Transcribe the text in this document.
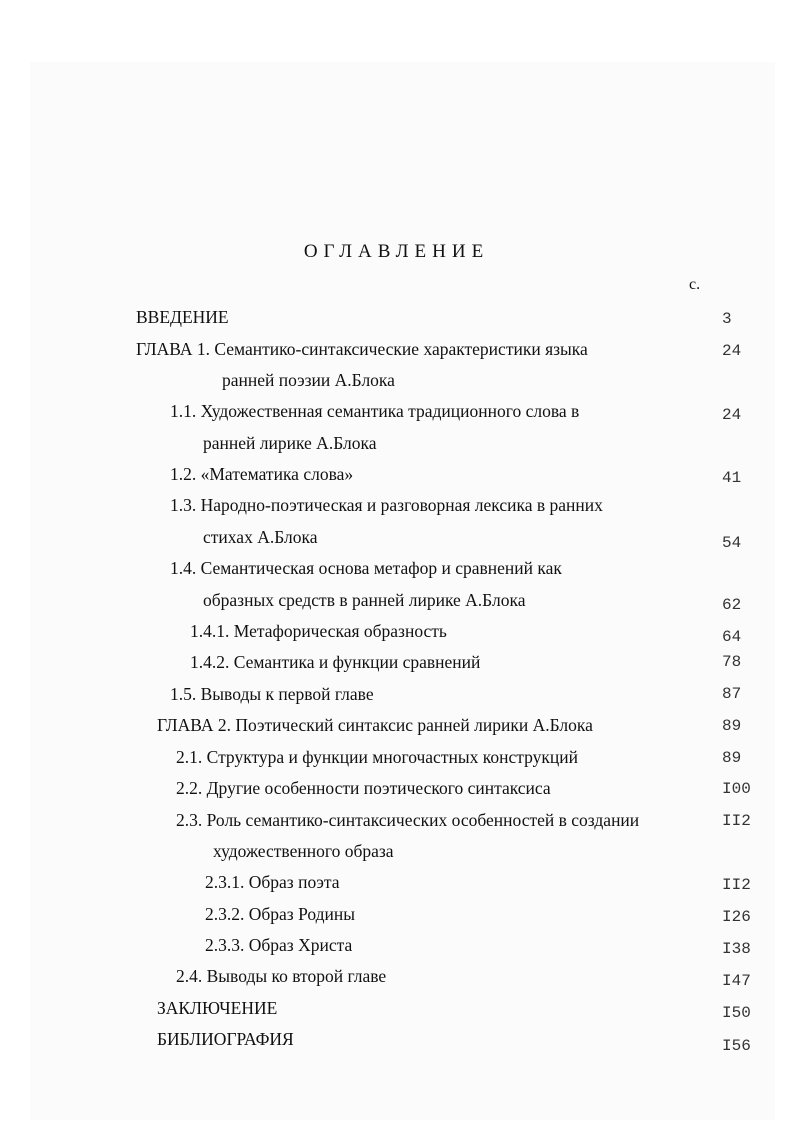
ОГЛАВЛЕНИЕ
с.
ВВЕДЕНИЕ
ГЛАВА 1. Семантико-синтаксические характеристики языка
ранней поэзии А.Блока
1.1. Художественная семантика традиционного слова в
ранней лирике А.Блока
1.2. «Математика слова»
1.3. Народно-поэтическая и разговорная лексика в ранних
стихах А.Блока
1.4. Семантическая основа метафор и сравнений как
образных средств в ранней лирике А.Блока
1.4.1. Метафорическая образность
1.4.2. Семантика и функции сравнений
1.5. Выводы к первой главе
ГЛАВА 2. Поэтический синтаксис ранней лирики А.Блока
2.1. Структура и функции многочастных конструкций
2.2. Другие особенности поэтического синтаксиса
2.3. Роль семантико-синтаксических особенностей в создании
художественного образа
2.3.1. Образ поэта
2.3.2. Образ Родины
2.3.3. Образ Христа
2.4. Выводы ко второй главе
ЗАКЛЮЧЕНИЕ
БИБЛИОГРАФИЯ
3
24
24
41
54
62
64
78
87
89
89
I00
II2
II2
I26
I38
I47
I50
I56
